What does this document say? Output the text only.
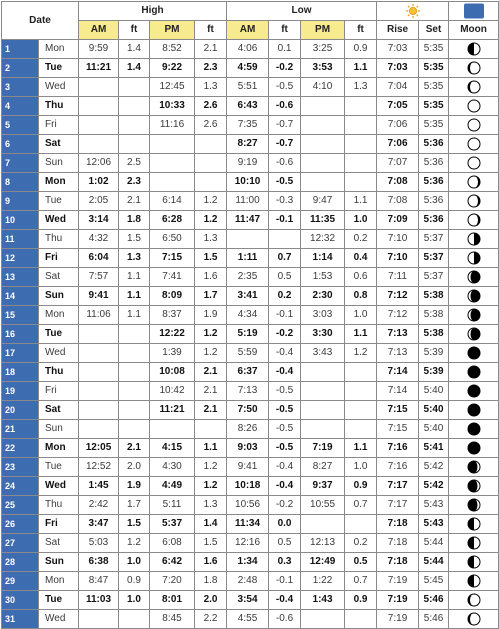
Date		High				Low	

		AM	ft	PM	ft	AM	ft	PM	ft	Rise	Set	Moon
1	Mon	9:59	1.4	8:52	2.1	4:06	0.1	3:25	0.9	7:03	5:35	

2	Tue	11:21	1.4	9:22	2.3	4:59	-0.2	3:53	1.1	7:03	5:35	

3	Wed			12:45	1.3	5:51	-0.5	4:10	1.3	7:04	5:35	

4	Thu			10:33	2.6	6:43	-0.6			7:05	5:35	

5	Fri			11:16	2.6	7:35	-0.7			7:06	5:35	

6	Sat					8:27	-0.7			7:06	5:36	

7	Sun	12:06	2.5			9:19	-0.6			7:07	5:36	

8	Mon	1:02	2.3			10:10	-0.5			7:08	5:36	

9	Tue	2:05	2.1	6:14	1.2	11:00	-0.3	9:47	1.1	7:08	5:36	

10	Wed	3:14	1.8	6:28	1.2	11:47	-0.1	11:35	1.0	7:09	5:36	

11	Thu	4:32	1.5	6:50	1.3			12:32	0.2	7:10	5:37	

12	Fri	6:04	1.3	7:15	1.5	1:11	0.7	1:14	0.4	7:10	5:37	

13	Sat	7:57	1.1	7:41	1.6	2:35	0.5	1:53	0.6	7:11	5:37	

14	Sun	9:41	1.1	8:09	1.7	3:41	0.2	2:30	0.8	7:12	5:38	

15	Mon	11:06	1.1	8:37	1.9	4:34	-0.1	3:03	1.0	7:12	5:38	

16	Tue			12:22	1.2	5:19	-0.2	3:30	1.1	7:13	5:38	

17	Wed			1:39	1.2	5:59	-0.4	3:43	1.2	7:13	5:39	

18	Thu			10:08	2.1	6:37	-0.4			7:14	5:39	

19	Fri			10:42	2.1	7:13	-0.5			7:14	5:40	

20	Sat			11:21	2.1	7:50	-0.5			7:15	5:40	

21	Sun					8:26	-0.5			7:15	5:40	

22	Mon	12:05	2.1	4:15	1.1	9:03	-0.5	7:19	1.1	7:16	5:41	

23	Tue	12:52	2.0	4:30	1.2	9:41	-0.4	8:27	1.0	7:16	5:42	

24	Wed	1:45	1.9	4:49	1.2	10:18	-0.4	9:37	0.9	7:17	5:42	

25	Thu	2:42	1.7	5:11	1.3	10:56	-0.2	10:55	0.7	7:17	5:43	

26	Fri	3:47	1.5	5:37	1.4	11:34	0.0			7:18	5:43	

27	Sat	5:03	1.2	6:08	1.5	12:16	0.5	12:13	0.2	7:18	5:44	

28	Sun	6:38	1.0	6:42	1.6	1:34	0.3	12:49	0.5	7:18	5:44	

29	Mon	8:47	0.9	7:20	1.8	2:48	-0.1	1:22	0.7	7:19	5:45	

30	Tue	11:03	1.0	8:01	2.0	3:54	-0.4	1:43	0.9	7:19	5:46	

31	Wed			8:45	2.2	4:55	-0.6			7:19	5:46	
